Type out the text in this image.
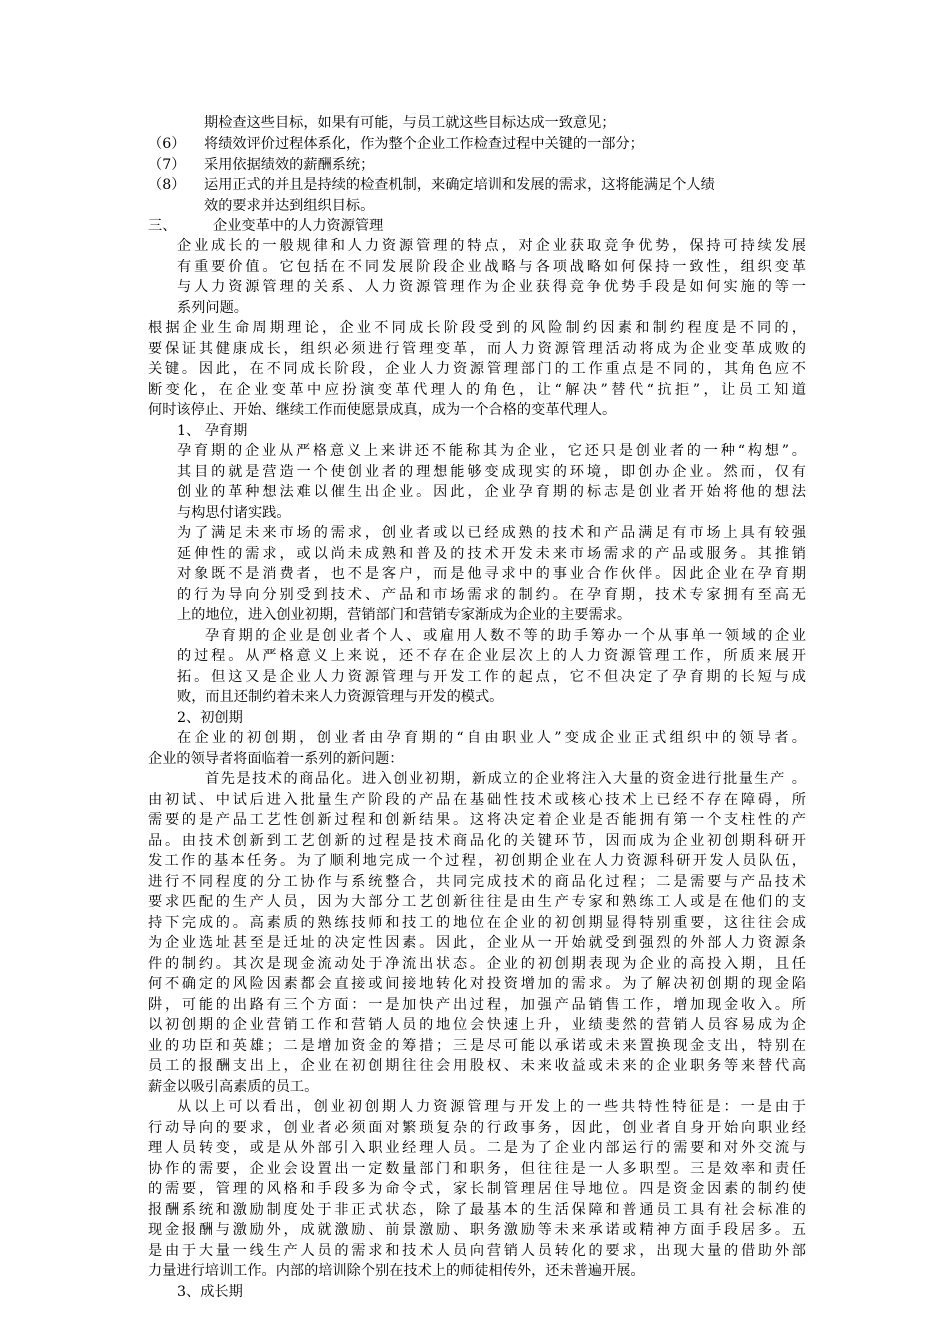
期检查这些目标，如果有可能，与员工就这些目标达成一致意见；
（6） 将绩效评价过程体系化，作为整个企业工作检查过程中关键的一部分；
（7） 采用依据绩效的薪酬系统；
（8） 运用正式的并且是持续的检查机制，来确定培训和发展的需求，这将能满足个人绩
效的要求并达到组织目标。
三、	企业变革中的人力资源管理
企业成长的一般规律和人力资源管理的特点，对企业获取竞争优势，保持可持续发展
有重要价值。它包括在不同发展阶段企业战略与各项战略如何保持一致性，组织变革
与人力资源管理的关系、人力资源管理作为企业获得竞争优势手段是如何实施的等一
系列问题。
根据企业生命周期理论，企业不同成长阶段受到的风险制约因素和制约程度是不同的，
要保证其健康成长，组织必须进行管理变革，而人力资源管理活动将成为企业变革成败的
关键。因此，在不同成长阶段，企业人力资源管理部门的工作重点是不同的，其角色应不
断变化，在企业变革中应扮演变革代理人的角色，让“解决”替代“抗拒”，让员工知道
何时该停止、开始、继续工作而使愿景成真，成为一个合格的变革代理人。
1、 孕育期
孕育期的企业从严格意义上来讲还不能称其为企业，它还只是创业者的一种“构想”。
其目的就是营造一个使创业者的理想能够变成现实的环境，即创办企业。然而，仅有
创业的革种想法难以催生出企业。因此，企业孕育期的标志是创业者开始将他的想法
与构思付诸实践。
为了满足未来市场的需求，创业者或以已经成熟的技术和产品满足有市场上具有较强
延伸性的需求，或以尚未成熟和普及的技术开发未来市场需求的产品或服务。其推销
对象既不是消费者，也不是客户，而是他寻求中的事业合作伙伴。因此企业在孕育期
的行为导向分别受到技术、产品和市场需求的制约。在孕育期，技术专家拥有至高无
上的地位，进入创业初期，营销部门和营销专家渐成为企业的主要需求。
孕育期的企业是创业者个人、或雇用人数不等的助手筹办一个从事单一领域的企业
的过程。从严格意义上来说，还不存在企业层次上的人力资源管理工作，所质来展开
拓。但这又是企业人力资源管理与开发工作的起点，它不但决定了孕育期的长短与成
败，而且还制约着未来人力资源管理与开发的模式。
2、初创期
在企业的初创期，创业者由孕育期的“自由职业人”变成企业正式组织中的领导者。
企业的领导者将面临着一系列的新问题：
首先是技术的商品化。进入创业初期，新成立的企业将注入大量的资金进行批量生产 。
由初试、中试后进入批量生产阶段的产品在基础性技术或核心技术上已经不存在障碍，所
需要的是产品工艺性创新过程和创新结果。这将决定着企业是否能拥有第一个支柱性的产
品。由技术创新到工艺创新的过程是技术商品化的关键环节，因而成为企业初创期科研开
发工作的基本任务。为了顺利地完成一个过程，初创期企业在人力资源科研开发人员队伍，
进行不同程度的分工协作与系统整合，共同完成技术的商品化过程；二是需要与产品技术
要求匹配的生产人员，因为大部分工艺创新往往是由生产专家和熟练工人或是在他们的支
持下完成的。高素质的熟练技师和技工的地位在企业的初创期显得特别重要，这往往会成
为企业选址甚至是迁址的决定性因素。因此，企业从一开始就受到强烈的外部人力资源条
件的制约。其次是现金流动处于净流出状态。企业的初创期表现为企业的高投入期，且任
何不确定的风险因素都会直接或间接地转化对投资增加的需求。为了解决初创期的现金陷
阱，可能的出路有三个方面：一是加快产出过程，加强产品销售工作，增加现金收入。所
以初创期的企业营销工作和营销人员的地位会快速上升，业绩斐然的营销人员容易成为企
业的功臣和英雄；二是增加资金的筹措；三是尽可能以承诺或未来置换现金支出，特别在
员工的报酬支出上，企业在初创期往往会用股权、未来收益或未来的企业职务等来替代高
薪金以吸引高素质的员工。
从以上可以看出，创业初创期人力资源管理与开发上的一些共特性特征是：一是由于
行动导向的要求，创业者必须面对繁琐复杂的行政事务，因此，创业者自身开始向职业经
理人员转变，或是从外部引入职业经理人员。二是为了企业内部运行的需要和对外交流与
协作的需要，企业会设置出一定数量部门和职务，但往往是一人多职型。三是效率和责任
的需要，管理的风格和手段多为命令式，家长制管理居住导地位。四是资金因素的制约使
报酬系统和激励制度处于非正式状态，除了最基本的生活保障和普通员工具有社会标准的
现金报酬与激励外，成就激励、前景激励、职务激励等未来承诺或精神方面手段居多。五
是由于大量一线生产人员的需求和技术人员向营销人员转化的要求，出现大量的借助外部
力量进行培训工作。内部的培训除个别在技术上的师徒相传外，还未普遍开展。
3、成长期
